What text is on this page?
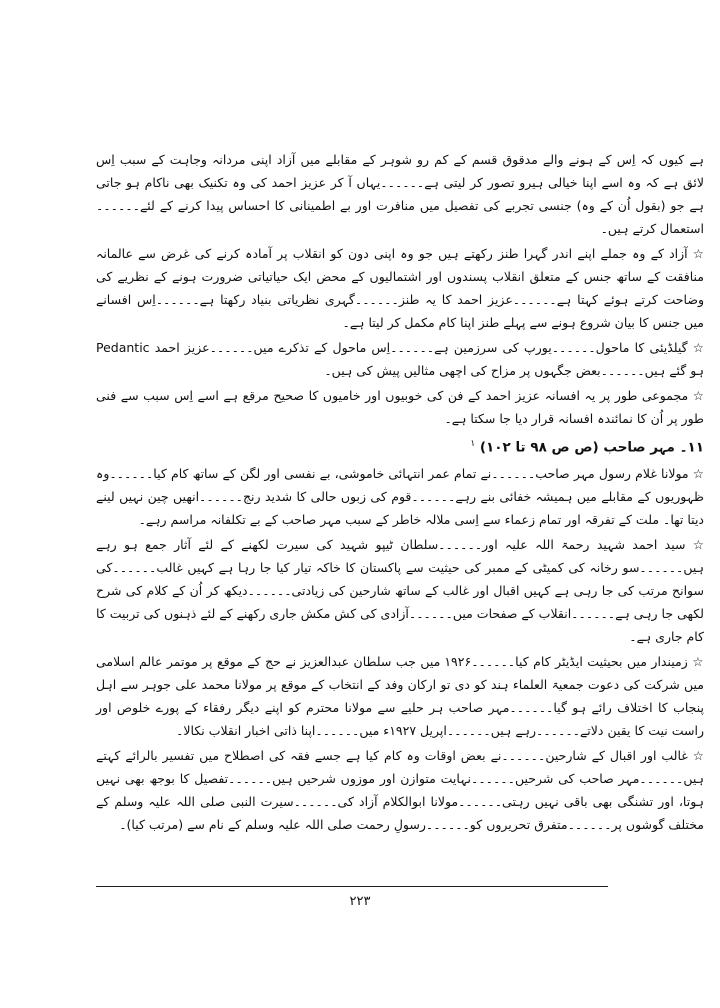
ہے کیوں کہ اِس کے ہونے والے مدقوق قسم کے کم رو شوہر کے مقابلے میں آزاد اپنی مردانہ وجاہت کے سبب اِس لائق ہے کہ وہ اسے اپنا خیالی ہیرو تصور کر لیتی ہے۔۔۔۔۔۔یہاں آ کر عزیز احمد کی وہ تکنیک بھی ناکام ہو جاتی ہے جو (بقول اُن کے وہ) جنسی تجربے کی تفصیل میں منافرت اور بے اطمینانی کا احساس پیدا کرنے کے لئے۔۔۔۔۔۔استعمال کرتے ہیں۔

☆ آزاد کے وہ جملے اپنے اندر گہرا طنز رکھتے ہیں جو وہ اپنی دون کو انقلاب پر آمادہ کرنے کی غرض سے عالمانہ منافقت کے ساتھ جنس کے متعلق انقلاب پسندوں اور اشتمالیوں کے محض ایک حیاتیاتی ضرورت ہونے کے نظریے کی وضاحت کرتے ہوئے کہتا ہے۔۔۔۔۔۔عزیز احمد کا یہ طنز۔۔۔۔۔۔گہری نظریاتی بنیاد رکھتا ہے۔۔۔۔۔۔اِس افسانے میں جنس کا بیان شروع ہونے سے پہلے طنز اپنا کام مکمل کر لیتا ہے۔

☆ گیلڈیئی کا ماحول۔۔۔۔۔۔یورپ کی سرزمین ہے۔۔۔۔۔۔اِس ماحول کے تذکرے میں۔۔۔۔۔۔عزیز احمد Pedantic ہو گئے ہیں۔۔۔۔۔۔بعض جگہوں پر مزاح کی اچھی مثالیں پیش کی ہیں۔

☆ مجموعی طور پر یہ افسانہ عزیز احمد کے فن کی خوبیوں اور خامیوں کا صحیح مرقع ہے اسے اِس سبب سے فنی طور پر اُن کا نمائندہ افسانہ قرار دیا جا سکتا ہے۔

۱۱۔ مہر صاحب (ص ص ۹۸ تا ۱۰۲) $^۱$

☆ مولانا غلام رسول مہر صاحب۔۔۔۔۔۔نے تمام عمر انتہائی خاموشی، بے نفسی اور لگن کے ساتھ کام کیا۔۔۔۔۔۔وہ ظہوریوں کے مقابلے میں ہمیشہ خفائی بنے رہے۔۔۔۔۔۔قوم کی زبوں حالی کا شدید رنج۔۔۔۔۔۔انھیں چین نہیں لینے دیتا تھا۔ ملت کے تفرقہ اور تمام زعماء سے اِسی ملالہ خاطر کے سبب مہر صاحب کے بے تکلفانہ مراسم رہے۔

☆ سید احمد شہید رحمۃ اللہ علیہ اور۔۔۔۔۔۔سلطان ٹیپو شہید کی سیرت لکھنے کے لئے آثار جمع ہو رہے ہیں۔۔۔۔۔۔سو رخانہ کی کمیٹی کے ممبر کی حیثیت سے پاکستان کا خاکہ تیار کیا جا رہا ہے کہیں غالب۔۔۔۔۔۔کی سوانح مرتب کی جا رہی ہے کہیں اقبال اور غالب کے ساتھ شارحین کی زیادتی۔۔۔۔۔۔دیکھ کر اُن کے کلام کی شرح لکھی جا رہی ہے۔۔۔۔۔۔انقلاب کے صفحات میں۔۔۔۔۔۔آزادی کی کش مکش جاری رکھنے کے لئے ذہنوں کی تربیت کا کام جاری ہے۔

☆ زمیندار میں بحیثیت ایڈیٹر کام کیا۔۔۔۔۔۔۱۹۲۶ میں جب سلطان عبدالعزیز نے حج کے موقع پر موتمر عالم اسلامی میں شرکت کی دعوت جمعیۃ العلماء ہند کو دی تو ارکان وفد کے انتخاب کے موقع پر مولانا محمد علی جوہر سے اہل پنجاب کا اختلاف رائے ہو گیا۔۔۔۔۔۔مہر صاحب ہر حلیے سے مولانا محترم کو اپنے دیگر رفقاء کے پورے خلوص اور راست نیت کا یقین دلاتے۔۔۔۔۔۔رہے ہیں۔۔۔۔۔۔اپریل ۱۹۲۷ء میں۔۔۔۔۔۔اپنا ذاتی اخبار انقلاب نکالا۔

☆ غالب اور اقبال کے شارحین۔۔۔۔۔۔نے بعض اوقات وہ کام کیا ہے جسے فقہ کی اصطلاح میں تفسیر بالرائے کہتے ہیں۔۔۔۔۔۔مہر صاحب کی شرحیں۔۔۔۔۔۔نہایت متوازن اور موزوں شرحیں ہیں۔۔۔۔۔۔تفصیل کا بوجھ بھی نہیں ہوتا، اور تشنگی بھی باقی نہیں رہتی۔۔۔۔۔۔مولانا ابوالکلام آزاد کی۔۔۔۔۔۔سیرت النبی صلی اللہ علیہ وسلم کے مختلف گوشوں پر۔۔۔۔۔۔متفرق تحریروں کو۔۔۔۔۔۔رسولِ رحمت صلی اللہ علیہ وسلم کے نام سے (مرتب کیا)۔

۲۲۳
